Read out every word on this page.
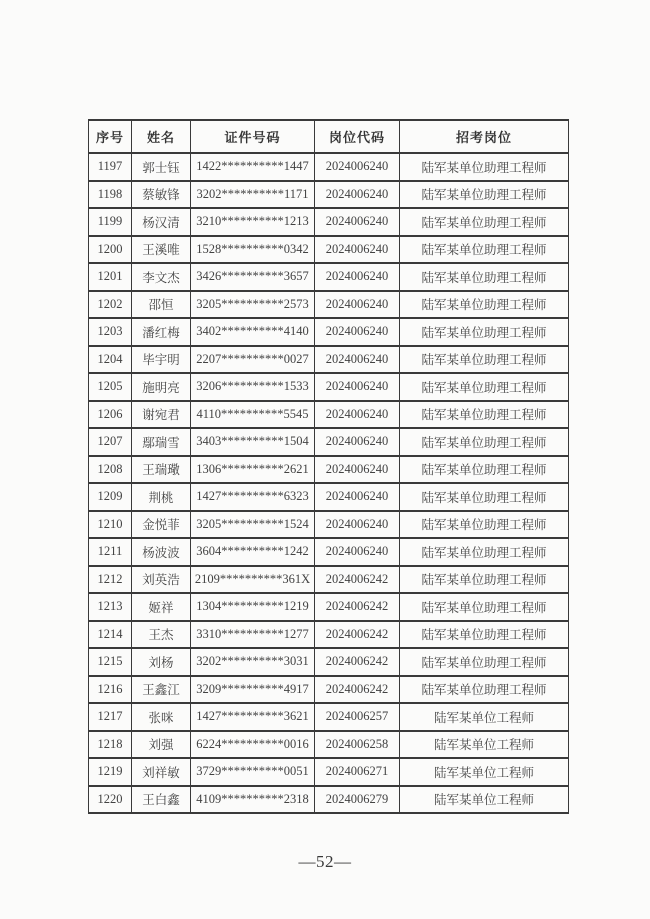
序号	姓名	证件号码	岗位代码	招考岗位
1197	郭士钰	1422**********1447	2024006240	陆军某单位助理工程师
1198	蔡敏锋	3202**********1171	2024006240	陆军某单位助理工程师
1199	杨汉清	3210**********1213	2024006240	陆军某单位助理工程师
1200	王溪唯	1528**********0342	2024006240	陆军某单位助理工程师
1201	李文杰	3426**********3657	2024006240	陆军某单位助理工程师
1202	邵恒	3205**********2573	2024006240	陆军某单位助理工程师
1203	潘红梅	3402**********4140	2024006240	陆军某单位助理工程师
1204	毕宇明	2207**********0027	2024006240	陆军某单位助理工程师
1205	施明亮	3206**********1533	2024006240	陆军某单位助理工程师
1206	谢宛君	4110**********5545	2024006240	陆军某单位助理工程师
1207	鄢瑞雪	3403**********1504	2024006240	陆军某单位助理工程师
1208	王瑞璥	1306**********2621	2024006240	陆军某单位助理工程师
1209	荆桃	1427**********6323	2024006240	陆军某单位助理工程师
1210	金悦菲	3205**********1524	2024006240	陆军某单位助理工程师
1211	杨波波	3604**********1242	2024006240	陆军某单位助理工程师
1212	刘英浩	2109**********361X	2024006242	陆军某单位助理工程师
1213	姬祥	1304**********1219	2024006242	陆军某单位助理工程师
1214	王杰	3310**********1277	2024006242	陆军某单位助理工程师
1215	刘杨	3202**********3031	2024006242	陆军某单位助理工程师
1216	王鑫江	3209**********4917	2024006242	陆军某单位助理工程师
1217	张咪	1427**********3621	2024006257	陆军某单位工程师
1218	刘强	6224**********0016	2024006258	陆军某单位工程师
1219	刘祥敏	3729**********0051	2024006271	陆军某单位工程师
1220	王白鑫	4109**********2318	2024006279	陆军某单位工程师
—52—
